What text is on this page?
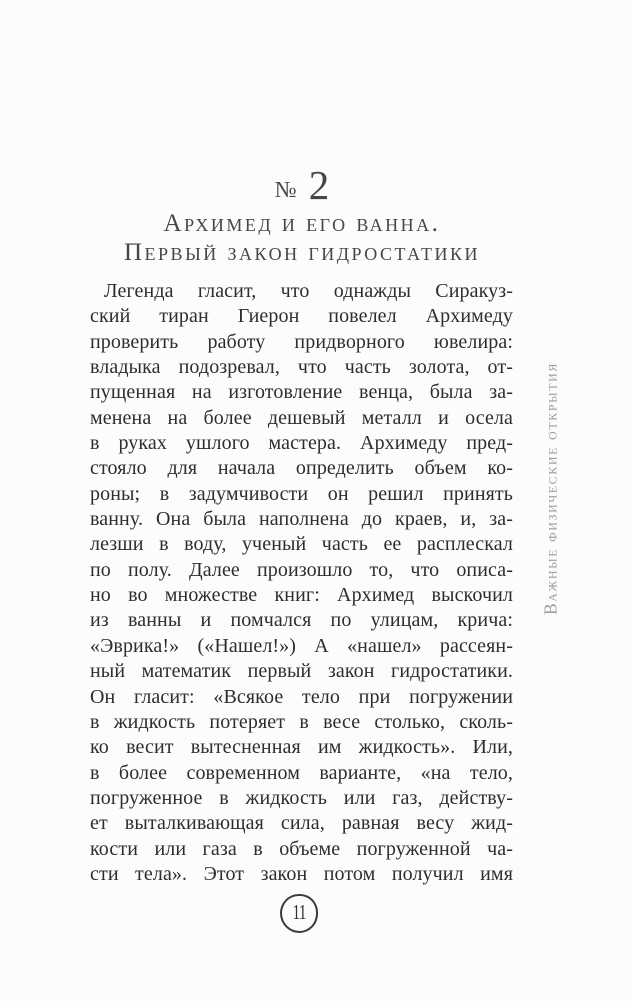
№ 2
Архимед и его ванна.
Первый закон гидростатики
Легенда гласит, что однажды Сиракуз-
ский тиран Гиерон повелел Архимеду
проверить работу придворного ювелира:
владыка подозревал, что часть золота, от-
пущенная на изготовление венца, была за-
менена на более дешевый металл и осела
в руках ушлого мастера. Архимеду пред-
стояло для начала определить объем ко-
роны; в задумчивости он решил принять
ванну. Она была наполнена до краев, и, за-
лезши в воду, ученый часть ее расплескал
по полу. Далее произошло то, что описа-
но во множестве книг: Архимед выскочил
из ванны и помчался по улицам, крича:
«Эврика!» («Нашел!») А «нашел» рассеян-
ный математик первый закон гидростатики.
Он гласит: «Всякое тело при погружении
в жидкость потеряет в весе столько, сколь-
ко весит вытесненная им жидкость». Или,
в более современном варианте, «на тело,
погруженное в жидкость или газ, действу-
ет выталкивающая сила, равная весу жид-
кости или газа в объеме погруженной ча-
сти тела». Этот закон потом получил имя
Важные физические открытия
11
